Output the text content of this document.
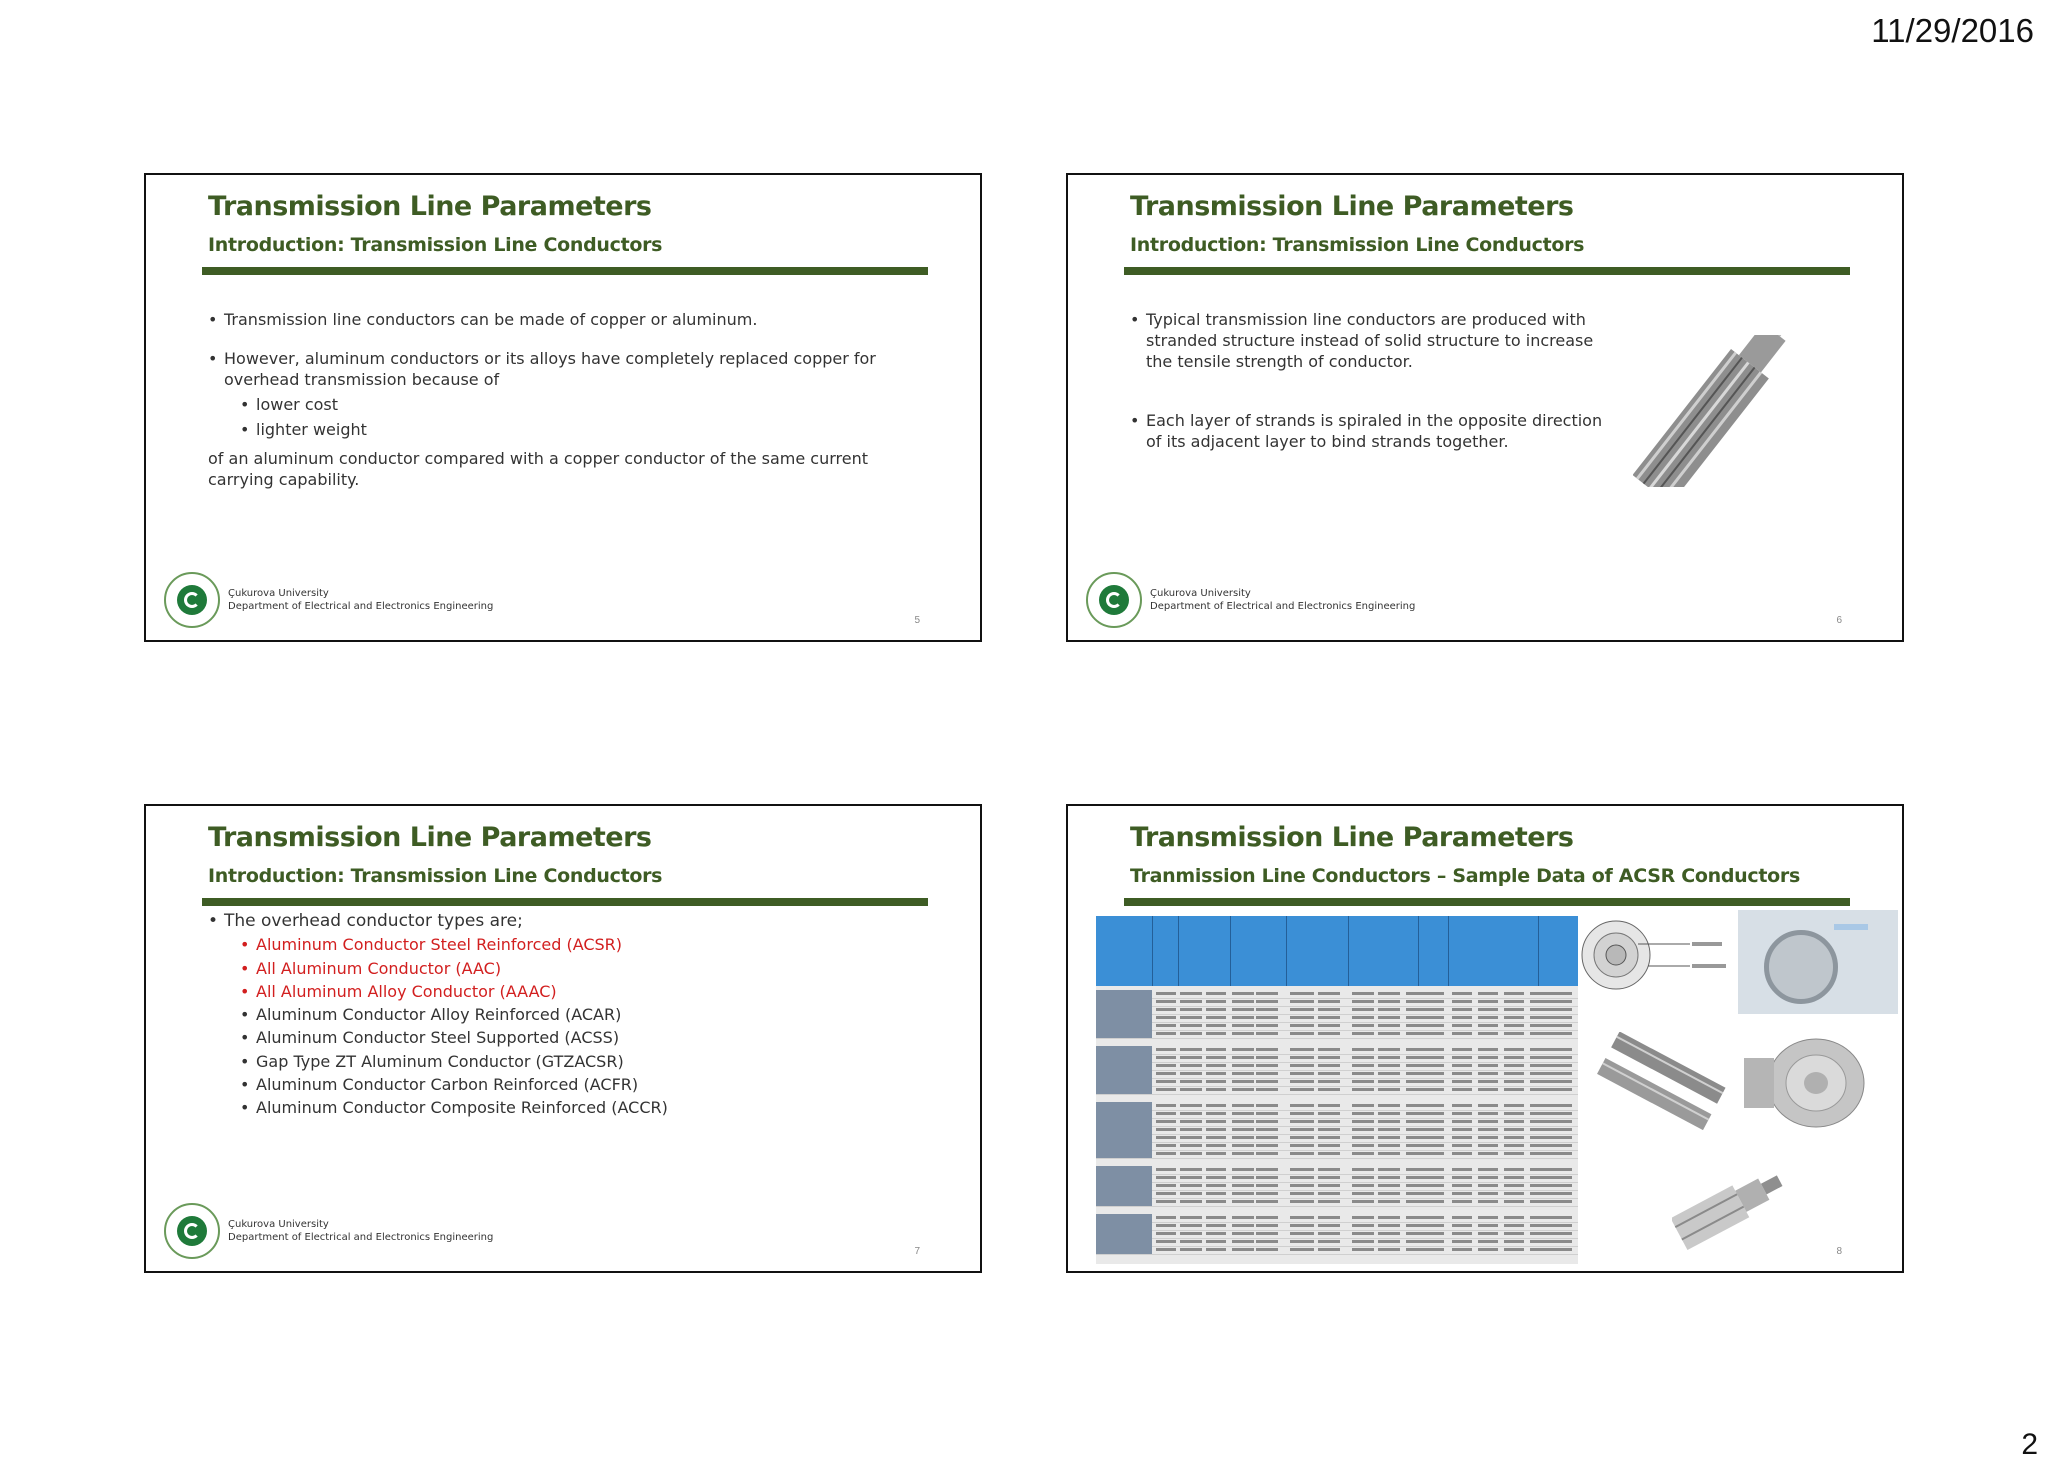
11/29/2016
Transmission Line Parameters
Introduction: Transmission Line Conductors
• Transmission line conductors can be made of copper or aluminum.
• However, aluminum conductors or its alloys have completely replaced copper for overhead transmission because of
• lower cost
• lighter weight
of an aluminum conductor compared with a copper conductor of the same current carrying capability.
Çukurova University
Department of Electrical and Electronics Engineering
5
Transmission Line Parameters
Introduction: Transmission Line Conductors
• Typical transmission line conductors are produced with stranded structure instead of solid structure to increase the tensile strength of conductor.
• Each layer of strands is spiraled in the opposite direction of its adjacent layer to bind strands together.
Çukurova University
Department of Electrical and Electronics Engineering
6
Transmission Line Parameters
Introduction: Transmission Line Conductors
• The overhead conductor types are;
• Aluminum Conductor Steel Reinforced (ACSR)
• All Aluminum Conductor (AAC)
• All Aluminum Alloy Conductor (AAAC)
• Aluminum Conductor Alloy Reinforced (ACAR)
• Aluminum Conductor Steel Supported (ACSS)
• Gap Type ZT Aluminum Conductor (GTZACSR)
• Aluminum Conductor Carbon Reinforced (ACFR)
• Aluminum Conductor Composite Reinforced (ACCR)
Çukurova University
Department of Electrical and Electronics Engineering
7
Transmission Line Parameters
Tranmission Line Conductors – Sample Data of ACSR Conductors
8
2
